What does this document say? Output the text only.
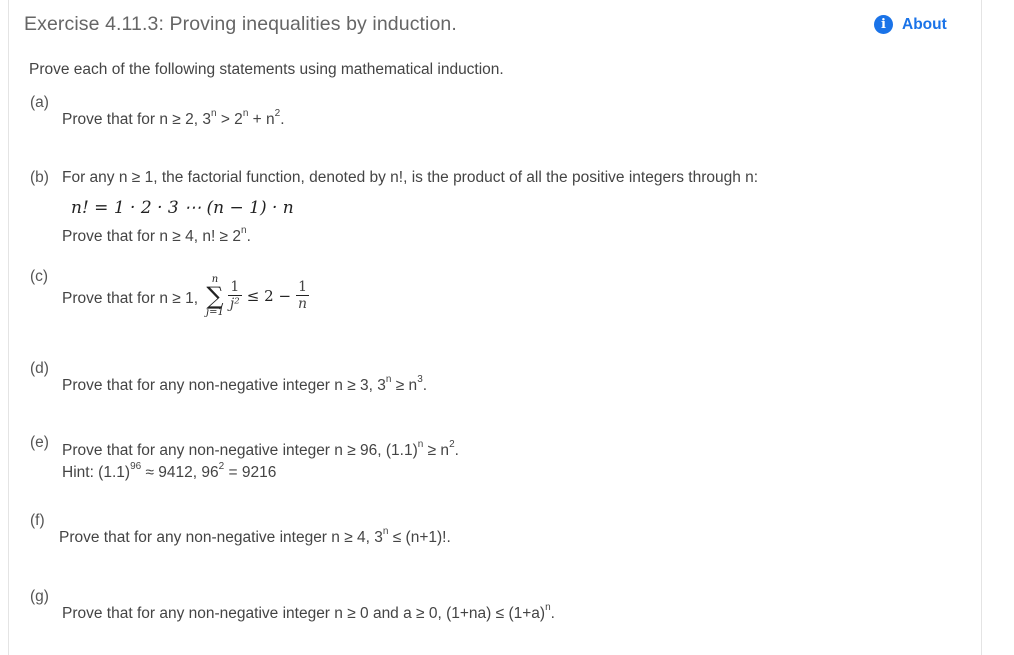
Exercise 4.11.3: Proving inequalities by induction.	i	About
Prove each of the following statements using mathematical induction.
(a)
Prove that for n ≥ 2, $3^n > 2^n + n^2$.
(b) For any n ≥ 1, the factorial function, denoted by n!, is the product of all the positive integers through n:
n! = 1 · 2 · 3 ⋯ (n − 1) · n
Prove that for n ≥ 4, n! ≥ $2^n$.
(c)
Prove that for n ≥ 1,
n
∑
$j=1 \frac{1}{\text{j²}} \le 2 - \frac{1}{n}$
(d)
Prove that for any non-negative integer n ≥ 3, $3^n \ge n^3$.
(e) Prove that for any non-negative integer n ≥ 96, $(1.1)^n \ge n^2$.
Hint: $(1.1)^{96} \approx 9412$, $96^2 = 9216$
(f)
Prove that for any non-negative integer n ≥ 4, $3^n \le (n+1)$!.
(g)
Prove that for any non-negative integer n ≥ 0 and a ≥ 0, $(1+na) \le (1+a)^n$.
